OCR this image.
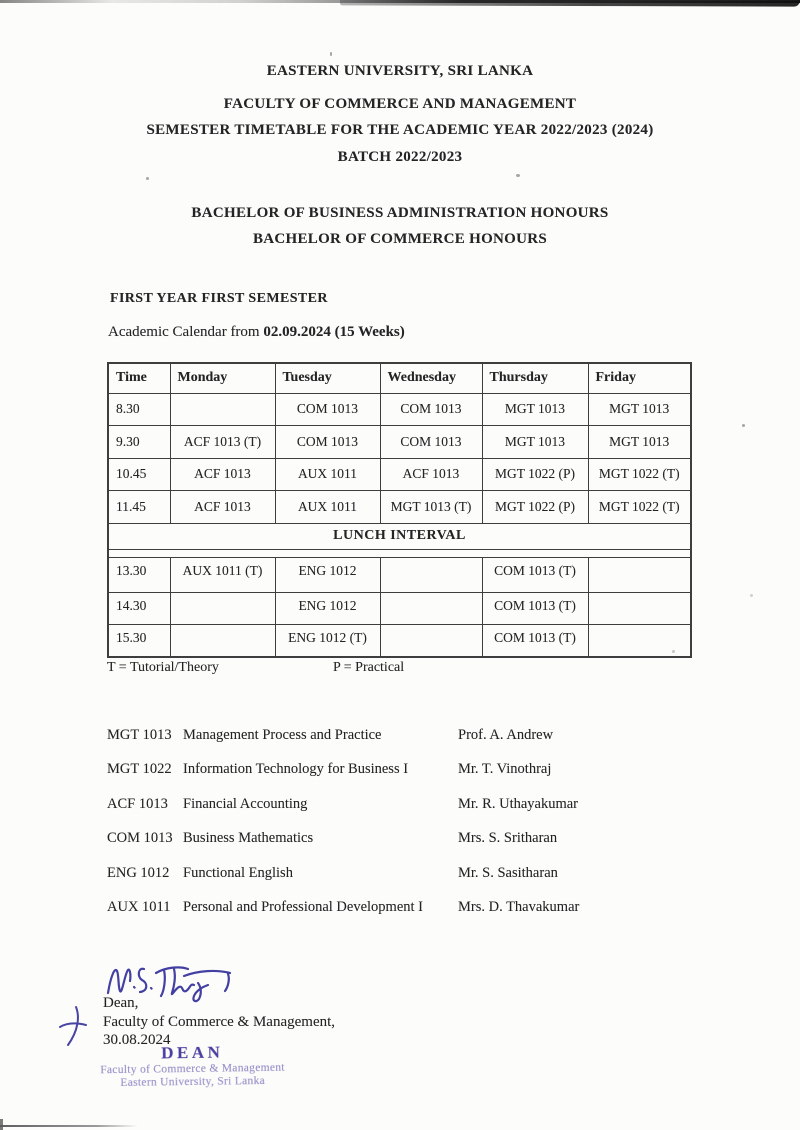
EASTERN UNIVERSITY, SRI LANKA
FACULTY OF COMMERCE AND MANAGEMENT
SEMESTER TIMETABLE FOR THE ACADEMIC YEAR 2022/2023 (2024)
BATCH 2022/2023
BACHELOR OF BUSINESS ADMINISTRATION HONOURS
BACHELOR OF COMMERCE HONOURS
FIRST YEAR FIRST SEMESTER
Academic Calendar from 02.09.2024 (15 Weeks)
Time	Monday	Tuesday	Wednesday	Thursday	Friday
8.30		COM 1013	COM 1013	MGT 1013	MGT 1013
9.30	ACF 1013 (T)	COM 1013	COM 1013	MGT 1013	MGT 1013
10.45	ACF 1013	AUX 1011	ACF 1013	MGT 1022 (P)	MGT 1022 (T)
11.45	ACF 1013	AUX 1011	MGT 1013 (T)	MGT 1022 (P)	MGT 1022 (T)
LUNCH INTERVAL					

13.30	AUX 1011 (T)	ENG 1012		COM 1013 (T)	
14.30		ENG 1012		COM 1013 (T)	
15.30		ENG 1012 (T)		COM 1013 (T)	
T = Tutorial/Theory	P = Practical
MGT 1013 Management Process and Practice	Prof. A. Andrew
MGT 1022 Information Technology for Business I	Mr. T. Vinothraj
ACF 1013	Financial Accounting	Mr. R. Uthayakumar
COM 1013 Business Mathematics	Mrs. S. Sritharan
ENG 1012 Functional English	Mr. S. Sasitharan
AUX 1011 Personal and Professional Development I	Mrs. D. Thavakumar
Dean,
Faculty of Commerce & Management,
30.08.2024
DEAN
Faculty of Commerce & Management
Eastern University, Sri Lanka
